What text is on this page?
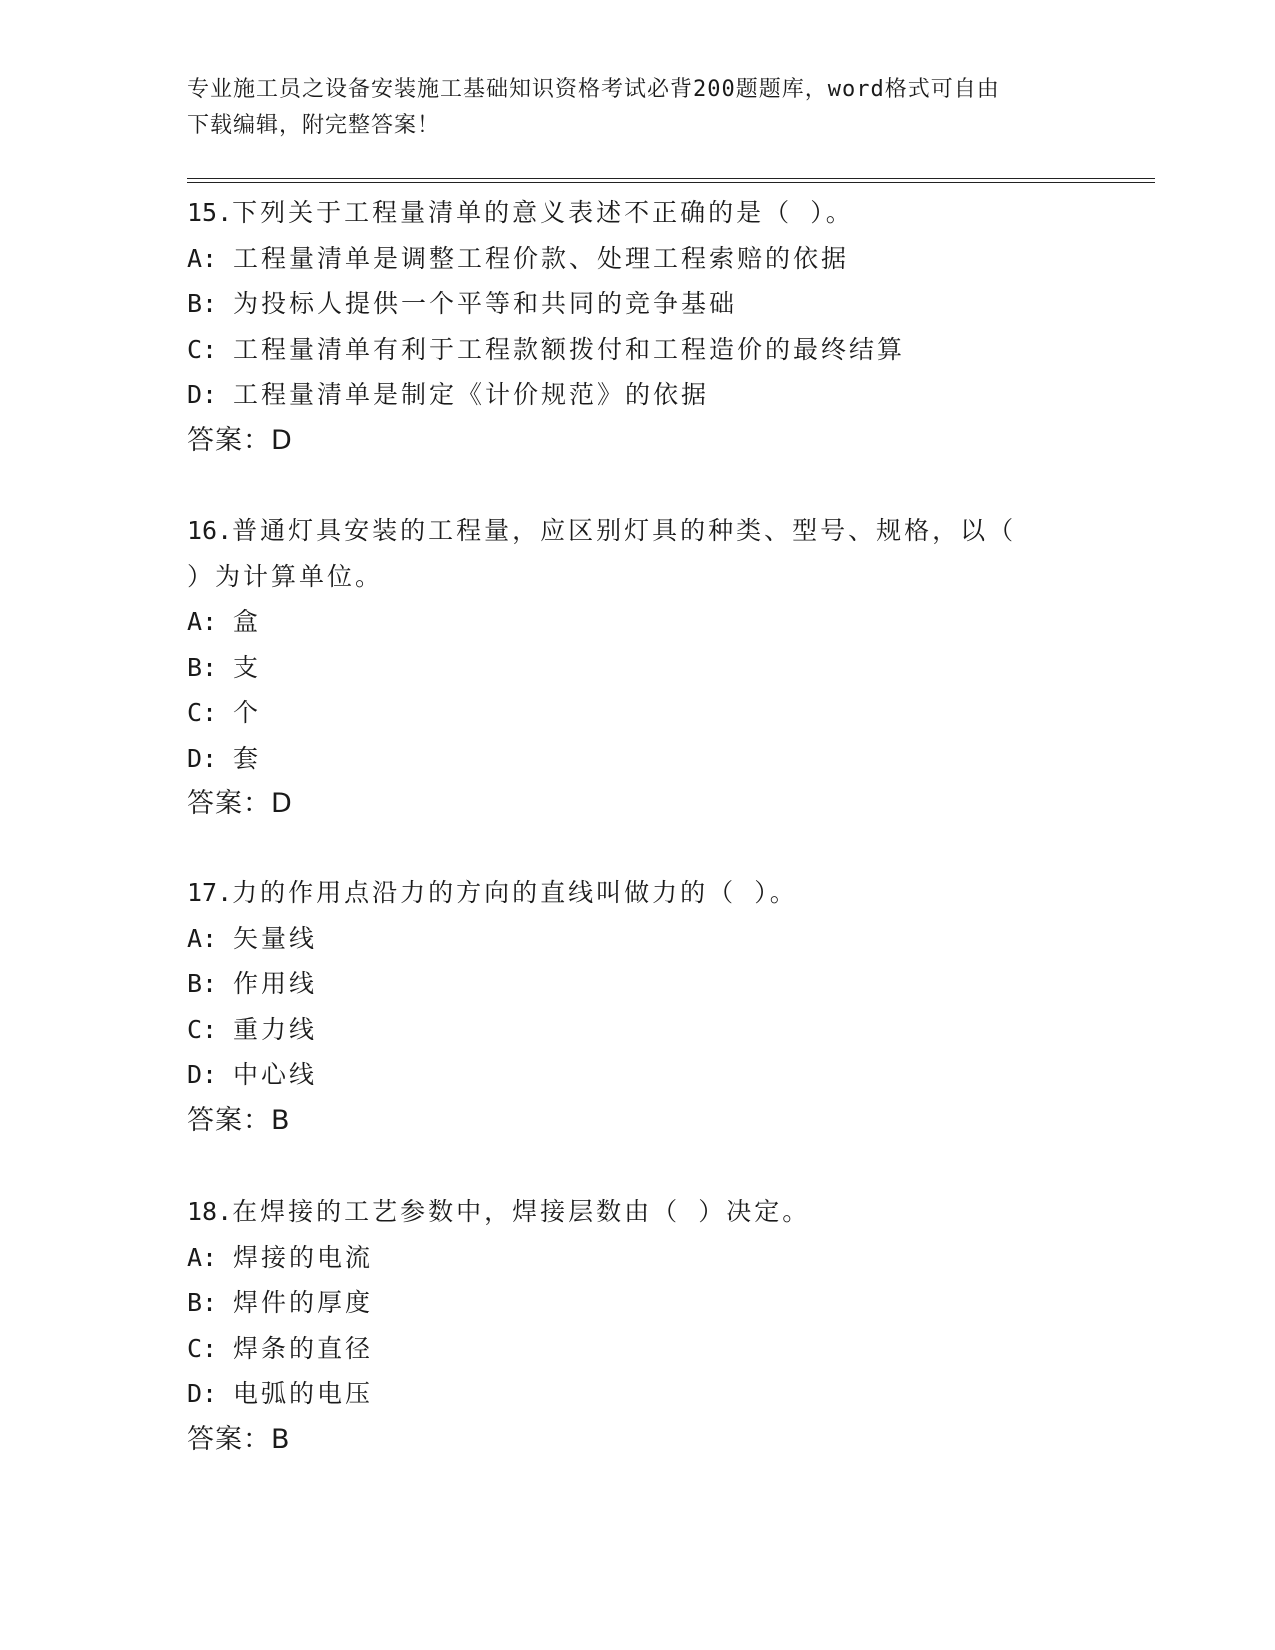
专业施工员之设备安装施工基础知识资格考试必背200题题库，word格式可自由
下载编辑，附完整答案！

15.下列关于工程量清单的意义表述不正确的是（ ）。

A: 工程量清单是调整工程价款、处理工程索赔的依据

B: 为投标人提供一个平等和共同的竞争基础

C: 工程量清单有利于工程款额拨付和工程造价的最终结算

D: 工程量清单是制定《计价规范》的依据

答案：D

16.普通灯具安装的工程量，应区别灯具的种类、型号、规格，以（

）为计算单位。

A: 盒

B: 支

C: 个

D: 套

答案：D

17.力的作用点沿力的方向的直线叫做力的（ ）。

A: 矢量线

B: 作用线

C: 重力线

D: 中心线

答案：B

18.在焊接的工艺参数中，焊接层数由（ ）决定。

A: 焊接的电流

B: 焊件的厚度

C: 焊条的直径

D: 电弧的电压

答案：B
